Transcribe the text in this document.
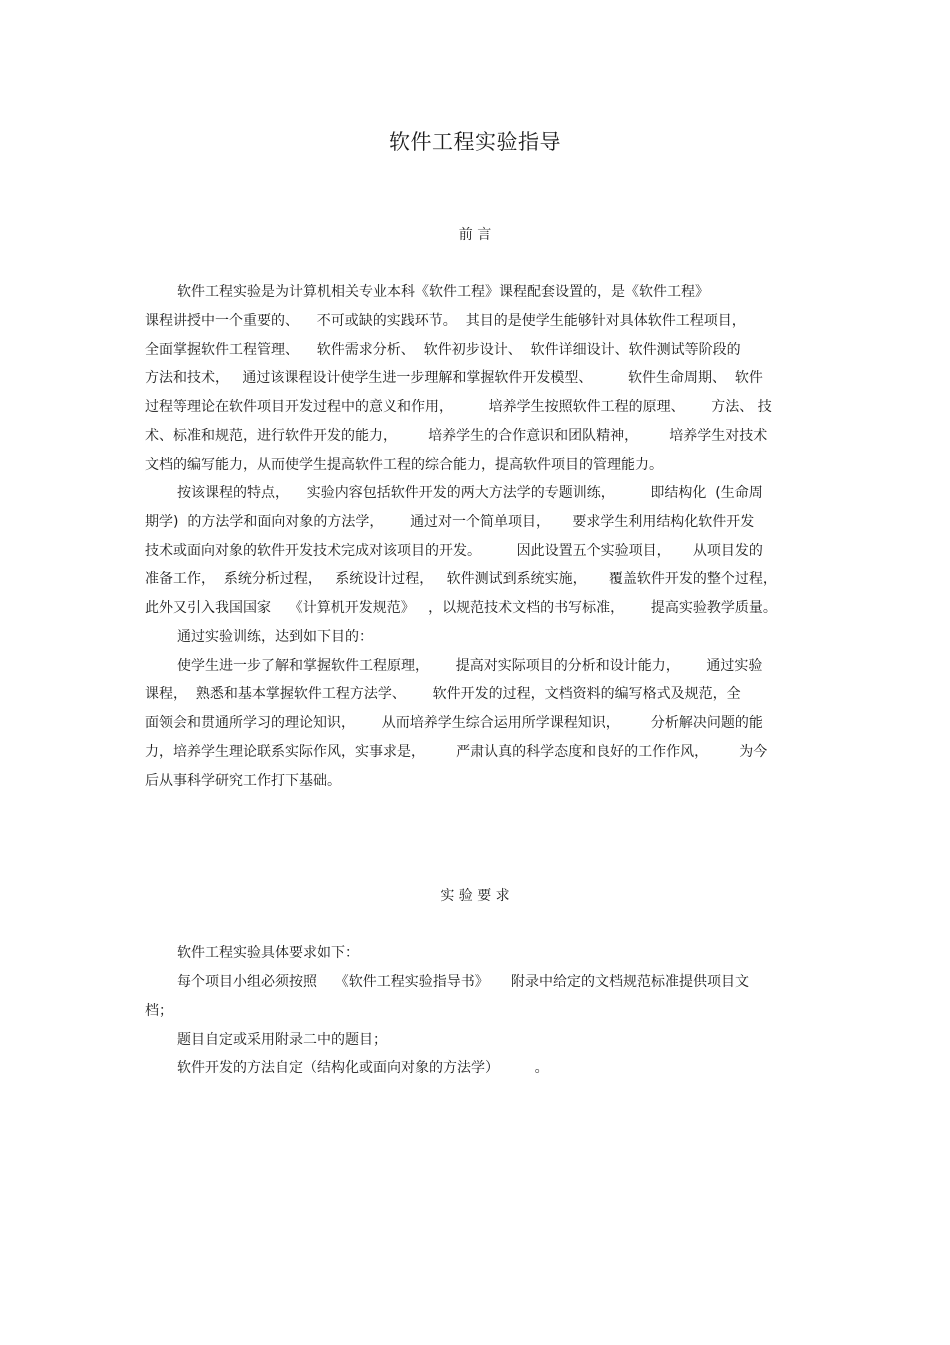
软件工程实验指导
前 言
软件工程实验是为计算机相关专业本科《软件工程》课程配套设置的，是《软件工程》
课程讲授中一个重要的、    不可或缺的实践环节。  其目的是使学生能够针对具体软件工程项目，
全面掌握软件工程管理、    软件需求分析、  软件初步设计、  软件详细设计、软件测试等阶段的
方法和技术，   通过该课程设计使学生进一步理解和掌握软件开发模型、        软件生命周期、  软件
过程等理论在软件项目开发过程中的意义和作用，        培养学生按照软件工程的原理、      方法、 技
术、标准和规范，进行软件开发的能力，       培养学生的合作意识和团队精神，       培养学生对技术
文档的编写能力，从而使学生提高软件工程的综合能力，提高软件项目的管理能力。
按该课程的特点，    实验内容包括软件开发的两大方法学的专题训练，        即结构化  (生命周
期学)  的方法学和面向对象的方法学，      通过对一个简单项目，     要求学生利用结构化软件开发
技术或面向对象的软件开发技术完成对该项目的开发。        因此设置五个实验项目，     从项目发的
准备工作，  系统分析过程，   系统设计过程，   软件测试到系统实施，     覆盖软件开发的整个过程，
此外又引入我国国家    《计算机开发规范》   ，以规范技术文档的书写标准，      提高实验教学质量。
通过实验训练，达到如下目的：
使学生进一步了解和掌握软件工程原理，      提高对实际项目的分析和设计能力，      通过实验
课程，  熟悉和基本掌握软件工程方法学、      软件开发的过程，文档资料的编写格式及规范，全
面领会和贯通所学习的理论知识，      从而培养学生综合运用所学课程知识，       分析解决问题的能
力，培养学生理论联系实际作风，实事求是，       严肃认真的科学态度和良好的工作作风，       为今
后从事科学研究工作打下基础。
实 验 要 求
软件工程实验具体要求如下：
每个项目小组必须按照    《软件工程实验指导书》     附录中给定的文档规范标准提供项目文
档；
题目自定或采用附录二中的题目；
软件开发的方法自定（结构化或面向对象的方法学）        。
